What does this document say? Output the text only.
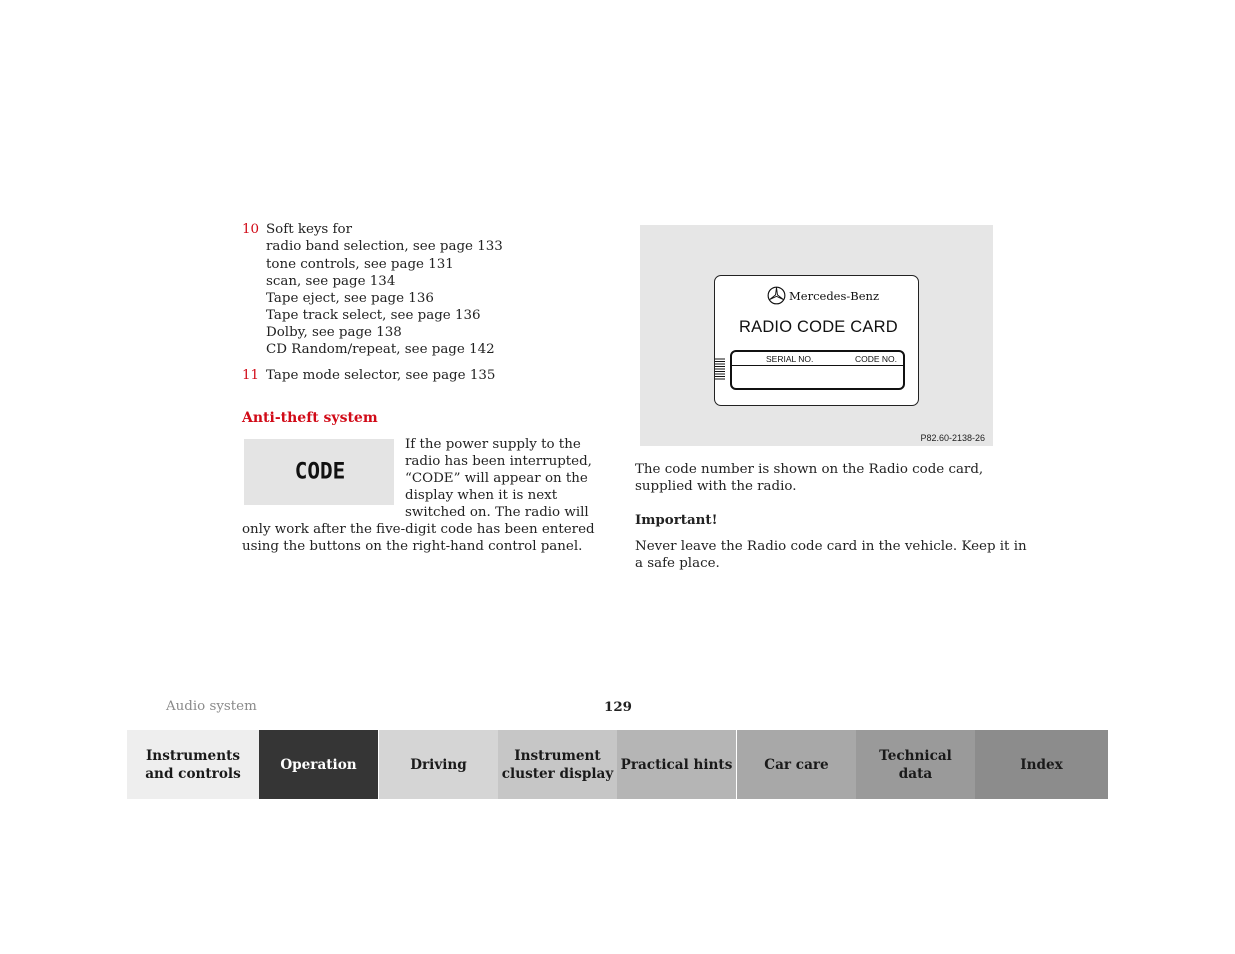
10 Soft keys for
radio band selection, see page 133
tone controls, see page 131
scan, see page 134
Tape eject, see page 136
Tape track select, see page 136
Dolby, see page 138
CD Random/repeat, see page 142
11 Tape mode selector, see page 135
Anti-theft system
CODE
If the power supply to the
radio has been interrupted,
“CODE” will appear on the
display when it is next
switched on. The radio will
only work after the five-digit code has been entered
using the buttons on the right-hand control panel.
Mercedes-Benz
RADIO CODE CARD
SERIAL NO.	CODE NO.
P82.60-2138-26
The code number is shown on the Radio code card,
supplied with the radio.
Important!
Never leave the Radio code card in the vehicle. Keep it in
a safe place.
Audio system	129
Instruments
and controls
Operation	Driving
Instrument
cluster display
Practical hints Car care
Technical
data
Index
